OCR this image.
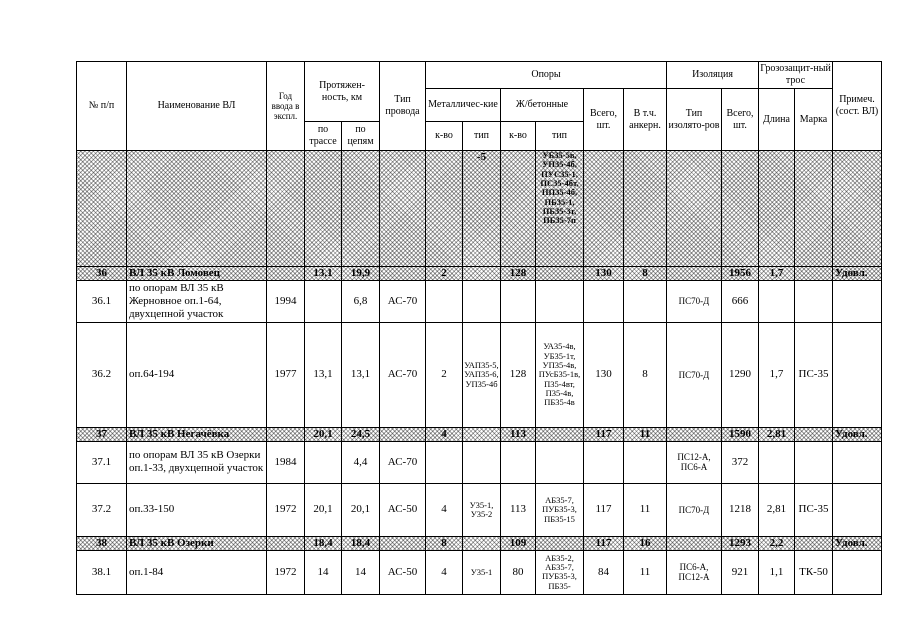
№ п/п	Наименование ВЛ	Год ввода в экспл.	Протяжен-ность, км		Тип провода	Опоры						Изоляция		Грозозащит-ный трос		Примеч. (сост. ВЛ)
						Металличес-кие		Ж/бетонные		Всего, шт.	В т.ч. анкерн.	Тип изолято-ров	Всего, шт.	Длина	Марка	
			по трассе	по цепям		к-во	тип	к-во	тип							
							-5		УБ35-5в, УП35-4б, ПУС35-1, ПС35-4бт, ПП35-4б, ПБ35-1, ПБ35-3т, ПБ35-7п							
36	ВЛ 35 кВ Ломовец		13,1	19,9		2		128		130	8		1956	1,7		Удовл.
36.1	по опорам ВЛ 35 кВ Жерновное оп.1-64, двухцепной участок	1994		6,8	АС-70							ПС70-Д	666			
36.2	оп.64-194	1977	13,1	13,1	АС-70	2	УАП35-5, УАП35-6, УП35-4б	128	УА35-4в, УБ35-1т, УП35-4в, ПУсБ35-1в, П35-4вт, П35-4в, ПБ35-4в	130	8	ПС70-Д	1290	1,7	ПС-35	
37	ВЛ 35 кВ Негачёвка		20,1	24,5		4		113		117	11		1590	2,81		Удовл.
37.1	по опорам ВЛ 35 кВ Озерки оп.1-33, двухцепной участок	1984		4,4	АС-70							ПС12-А, ПС6-А	372			
37.2	оп.33-150	1972	20,1	20,1	АС-50	4	У35-1, У35-2	113	АБ35-7, ПУБ35-3, ПБ35-15	117	11	ПС70-Д	1218	2,81	ПС-35	
38	ВЛ 35 кВ Озерки		18,4	18,4		8		109		117	16		1293	2,2		Удовл.
38.1	оп.1-84	1972	14	14	АС-50	4	У35-1	80	АБ35-2, АБ35-7, ПУБ35-3, ПБ35-	84	11	ПС6-А, ПС12-А	921	1,1	ТК-50	
